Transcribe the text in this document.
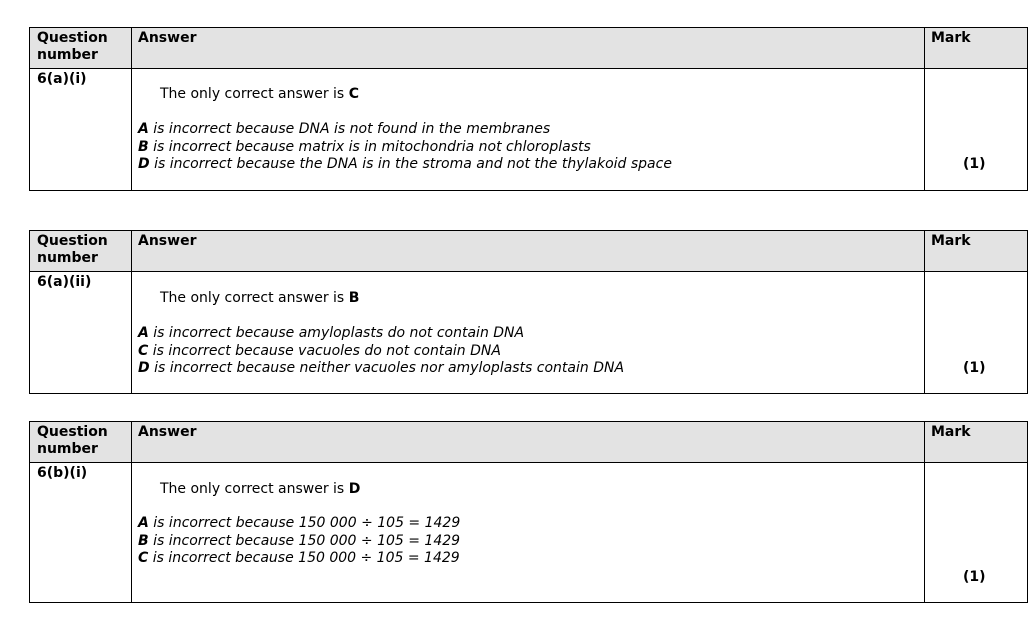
Question number	Answer	Mark
6(a)(i)	The only correct answer is C
A is incorrect because DNA is not found in the membranes
B is incorrect because matrix is in mitochondria not chloroplasts
D is incorrect because the DNA is in the stroma and not the thylakoid space	(1)
Question number	Answer	Mark
6(a)(ii)	The only correct answer is B
A is incorrect because amyloplasts do not contain DNA
C is incorrect because vacuoles do not contain DNA
D is incorrect because neither vacuoles nor amyloplasts contain DNA	(1)
Question number	Answer	Mark
6(b)(i)	The only correct answer is D
A is incorrect because 150 000 ÷ 105 = 1429
B is incorrect because 150 000 ÷ 105 = 1429
C is incorrect because 150 000 ÷ 105 = 1429	(1)
